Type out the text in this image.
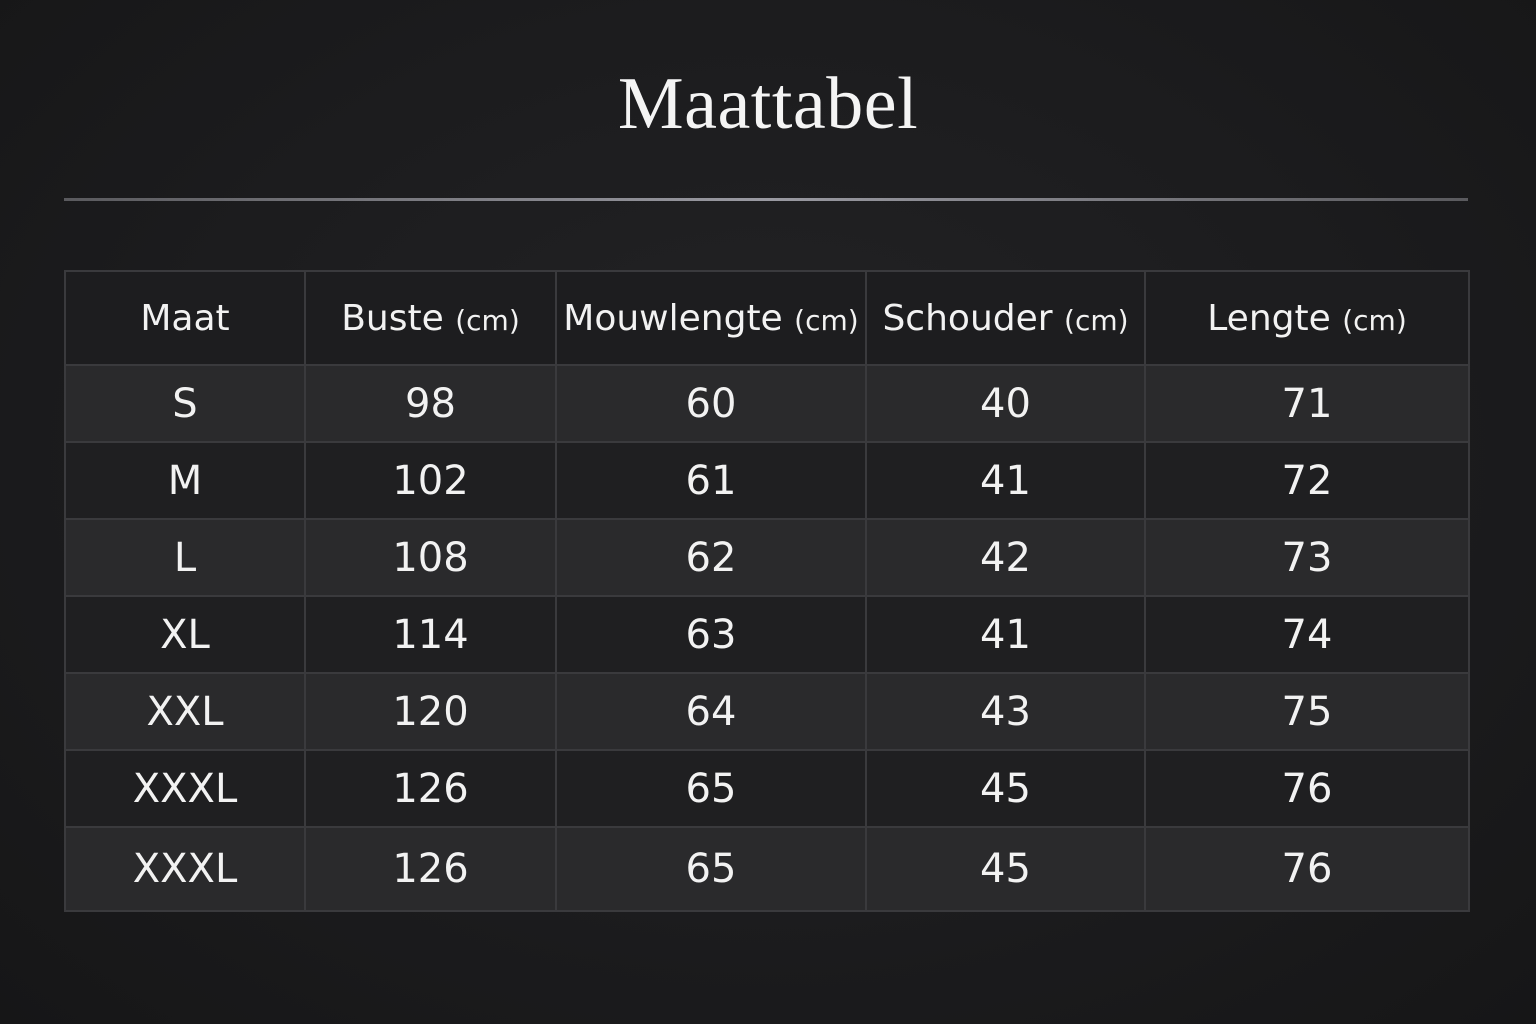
Maattabel
Maat	Buste (cm)	Mouwlengte (cm)	Schouder (cm)	Lengte (cm)
S	98	60	40	71
M	102	61	41	72
L	108	62	42	73
XL	114	63	41	74
XXL	120	64	43	75
XXXL	126	65	45	76
XXXL	126	65	45	76
